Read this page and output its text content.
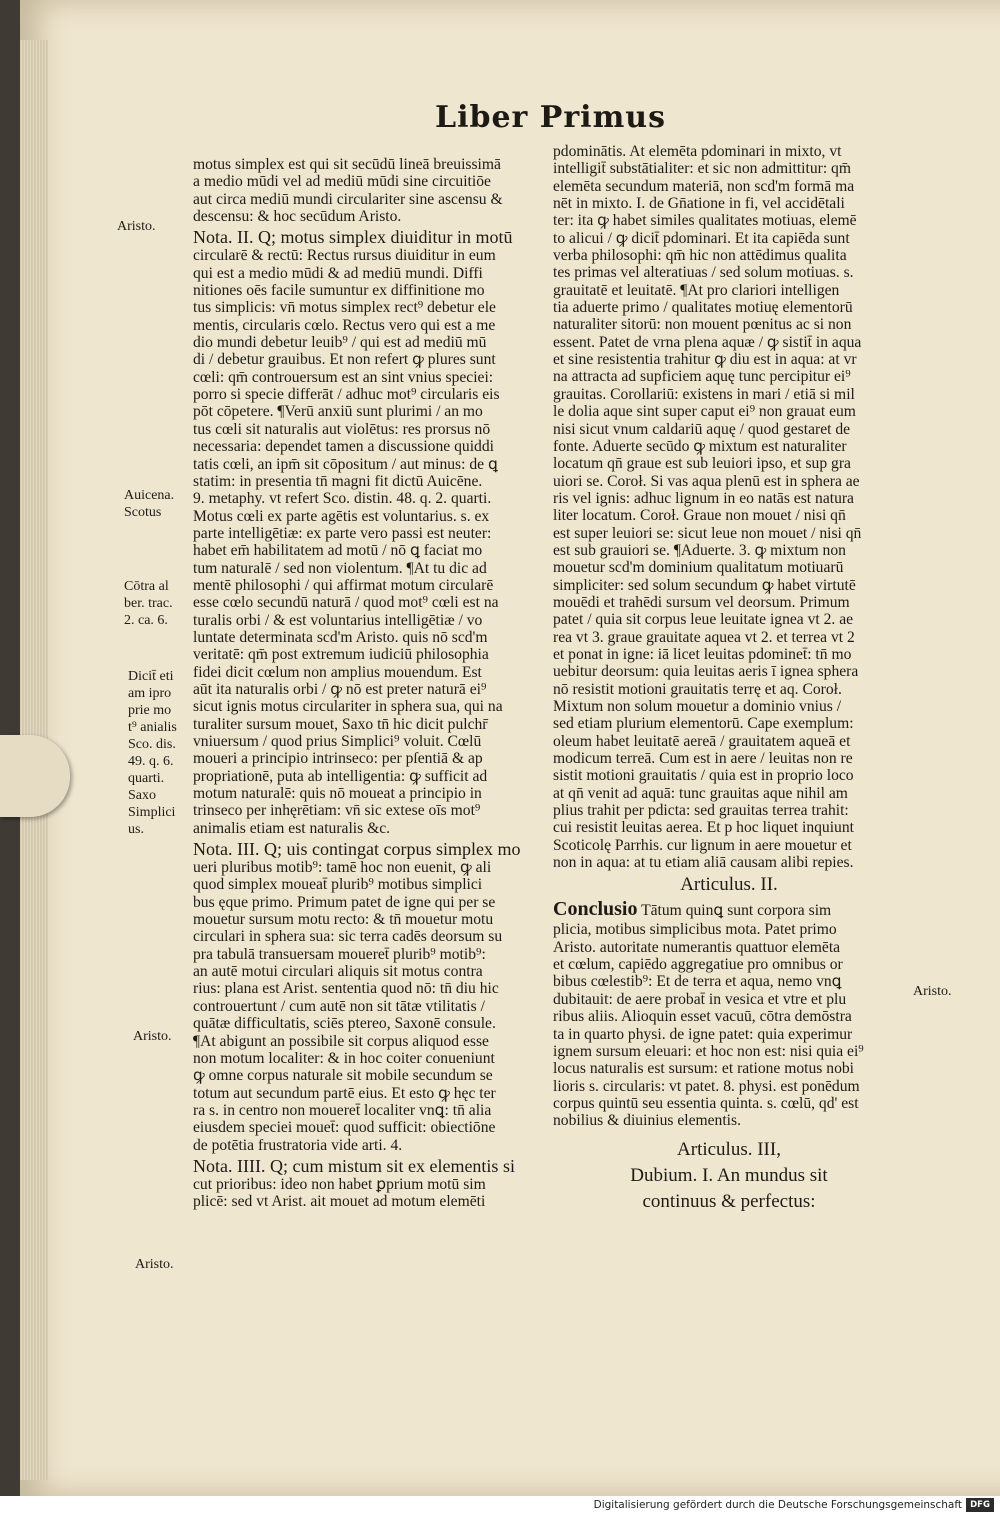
Liber Primus

motus simplex est qui sit secūdū lineā breuissimā

a medio mūdi vel ad mediū mūdi sine circuitiōe

aut circa mediū mundi circulariter sine ascensu &

descensu: & hoc secūdum Aristo.

Nota. II. Q; motus simplex diuiditur in motū

circularē & rectū: Rectus rursus diuiditur in eum

qui est a medio mūdi & ad mediū mundi. Diffi

nitiones oēs facile sumuntur ex diffinitione mo

tus simplicis: vn̄ motus simplex rect⁹ debetur ele

mentis, circularis cœlo. Rectus vero qui est a me

dio mundi debetur leuib⁹ / qui est ad mediū mū

di / debetur grauibus. Et non refert ꝙ plures sunt

cœli: qm̄ controuersum est an sint vnius speciei:

porro si specie differāt / adhuc mot⁹ circularis eis

pōt cōpetere. ¶Verū anxiū sunt plurimi / an mo

tus cœli sit naturalis aut violētus: res prorsus nō

necessaria: dependet tamen a discussione quiddi

tatis cœli, an ipm̄ sit cōpositum / aut minus: de ꝗ

statim: in presentia tn̄ magni fit dictū Auicēne.

9. metaphy. vt refert Sco. distin. 48. q. 2. quarti.

Motus cœli ex parte agētis est voluntarius. s. ex

parte intelligētiæ: ex parte vero passi est neuter:

habet em̄ habilitatem ad motū / nō ꝗ faciat mo

tum naturalē / sed non violentum. ¶At tu dic ad

mentē philosophi / qui affirmat motum circularē

esse cœlo secundū naturā / quod mot⁹ cœli est na

turalis orbi / & est voluntarius intelligētiæ / vo

luntate determinata scd'm Aristo. quis nō scd'm

veritatē: qm̄ post extremum iudiciū philosophia

fidei dicit cœlum non amplius mouendum. Est

aūt ita naturalis orbi / ꝙ nō est preter naturā ei⁹

sicut ignis motus circulariter in sphera sua, qui na

turaliter sursum mouet, Saxo tn̄ hic dicit pulchr̄

vniuersum / quod prius Simplici⁹ voluit. Cœlū

moueri a principio intrinseco: per pſentiā & ap

propriationē, puta ab intelligentia: ꝙ sufficit ad

motum naturalē: quis nō moueat a principio in

trinseco per inhęrētiam: vn̄ sic extese oīs mot⁹

animalis etiam est naturalis &c.

Nota. III. Q; uis contingat corpus simplex mo

ueri pluribus motib⁹: tamē hoc non euenit, ꝙ ali

quod simplex moueat̄ plurib⁹ motibus simplici

bus ęque primo. Primum patet de igne qui per se

mouetur sursum motu recto: & tn̄ mouetur motu

circulari in sphera sua: sic terra cadēs deorsum su

pra tabulā transuersam moueret̄ plurib⁹ motib⁹:

an autē motui circulari aliquis sit motus contra

rius: plana est Arist. sententia quod nō: tn̄ diu hic

controuertunt / cum autē non sit tātæ vtilitatis /

quātæ difficultatis, sciēs ptereo, Saxonē consule.

¶At abigunt an possibile sit corpus aliquod esse

non motum localiter: & in hoc coiter conueniunt

ꝙ omne corpus naturale sit mobile secundum se

totum aut secundum partē eius. Et esto ꝙ hęc ter

ra s. in centro non moueret̄ localiter vnꝗ: tn̄ alia

eiusdem speciei mouet̄: quod sufficit: obiectiōne

de potētia frustratoria vide arti. 4.

Nota. IIII. Q; cum mistum sit ex elementis si

cut prioribus: ideo non habet ꝑprium motū sim

plicē: sed vt Arist. ait mouet ad motum elemēti

pdominātis. At elemēta pdominari in mixto, vt

intelligit̄ substātialiter: et sic non admittitur: qm̄

elemēta secundum materiā, non scd'm formā ma

nēt in mixto. I. de Gn̄atione in fi, vel accidētali

ter: ita ꝙ habet similes qualitates motiuas, elemē

to alicui / ꝙ dicit̄ pdominari. Et ita capiēda sunt

verba philosophi: qm̄ hic non attēdimus qualita

tes primas vel alteratiuas / sed solum motiuas. s.

grauitatē et leuitatē. ¶At pro clariori intelligen

tia aduerte primo / qualitates motiuę elementorū

naturaliter sitorū: non mouent pœnitus ac si non

essent. Patet de vrna plena aquæ / ꝙ sistit̄ in aqua

et sine resistentia trahitur ꝙ diu est in aqua: at vr

na attracta ad supficiem aquę tunc percipitur ei⁹

grauitas. Corollariū: existens in mari / etiā si mil

le dolia aque sint super caput ei⁹ non grauat eum

nisi sicut vnum caldariū aquę / quod gestaret de

fonte. Aduerte secūdo ꝙ mixtum est naturaliter

locatum qn̄ graue est sub leuiori ipso, et sup gra

uiori se. Coroł. Si vas aqua plenū est in sphera ae

ris vel ignis: adhuc lignum in eo natās est natura

liter locatum. Coroł. Graue non mouet / nisi qn̄

est super leuiori se: sicut leue non mouet / nisi qn̄

est sub grauiori se. ¶Aduerte. 3. ꝙ mixtum non

mouetur scd'm dominium qualitatum motiuarū

simpliciter: sed solum secundum ꝙ habet virtutē

mouēdi et trahēdi sursum vel deorsum. Primum

patet / quia sit corpus leue leuitate ignea vt 2. ae

rea vt 3. graue grauitate aquea vt 2. et terrea vt 2

et ponat in igne: iā licet leuitas pdominet̄: tn̄ mo

uebitur deorsum: quia leuitas aeris ī ignea sphera

nō resistit motioni grauitatis terrę et aq. Coroł.

Mixtum non solum mouetur a dominio vnius /

sed etiam plurium elementorū. Cape exemplum:

oleum habet leuitatē aereā / grauitatem aqueā et

modicum terreā. Cum est in aere / leuitas non re

sistit motioni grauitatis / quia est in proprio loco

at qn̄ venit ad aquā: tunc grauitas aque nihil am

plius trahit per pdicta: sed grauitas terrea trahit:

cui resistit leuitas aerea. Et p hoc liquet inquiunt

Scoticolę Parrhis. cur lignum in aere mouetur et

non in aqua: at tu etiam aliā causam alibi repies.

Articulus. II.

Conclusio Tātum quinꝗ sunt corpora sim

plicia, motibus simplicibus mota. Patet primo

Aristo. autoritate numerantis quattuor elemēta

et cœlum, capiēdo aggregatiue pro omnibus or

bibus cœlestib⁹: Et de terra et aqua, nemo vnꝗ

dubitauit: de aere probat̄ in vesica et vtre et plu

ribus aliis. Alioquin esset vacuū, cōtra demōstra

ta in quarto physi. de igne patet: quia experimur

ignem sursum eleuari: et hoc non est: nisi quia ei⁹

locus naturalis est sursum: et ratione motus nobi

lioris s. circularis: vt patet. 8. physi. est ponēdum

corpus quintū seu essentia quinta. s. cœlū, qd' est

nobilius & diuinius elementis.

Articulus. III,

Dubium. I. An mundus sit

continuus & perfectus:

Aristo.

Auicena.

Scotus

Cōtra al

ber. trac.

2. ca. 6.

Dicit̄ eti

am ipro

prie mo

t⁹ anialis

Sco. dis.

49. q. 6.

quarti.

Saxo

Simplici

us.

Aristo.

Aristo.

Aristo.

Digitalisierung gefördert durch die Deutsche Forschungsgemeinschaft DFG
